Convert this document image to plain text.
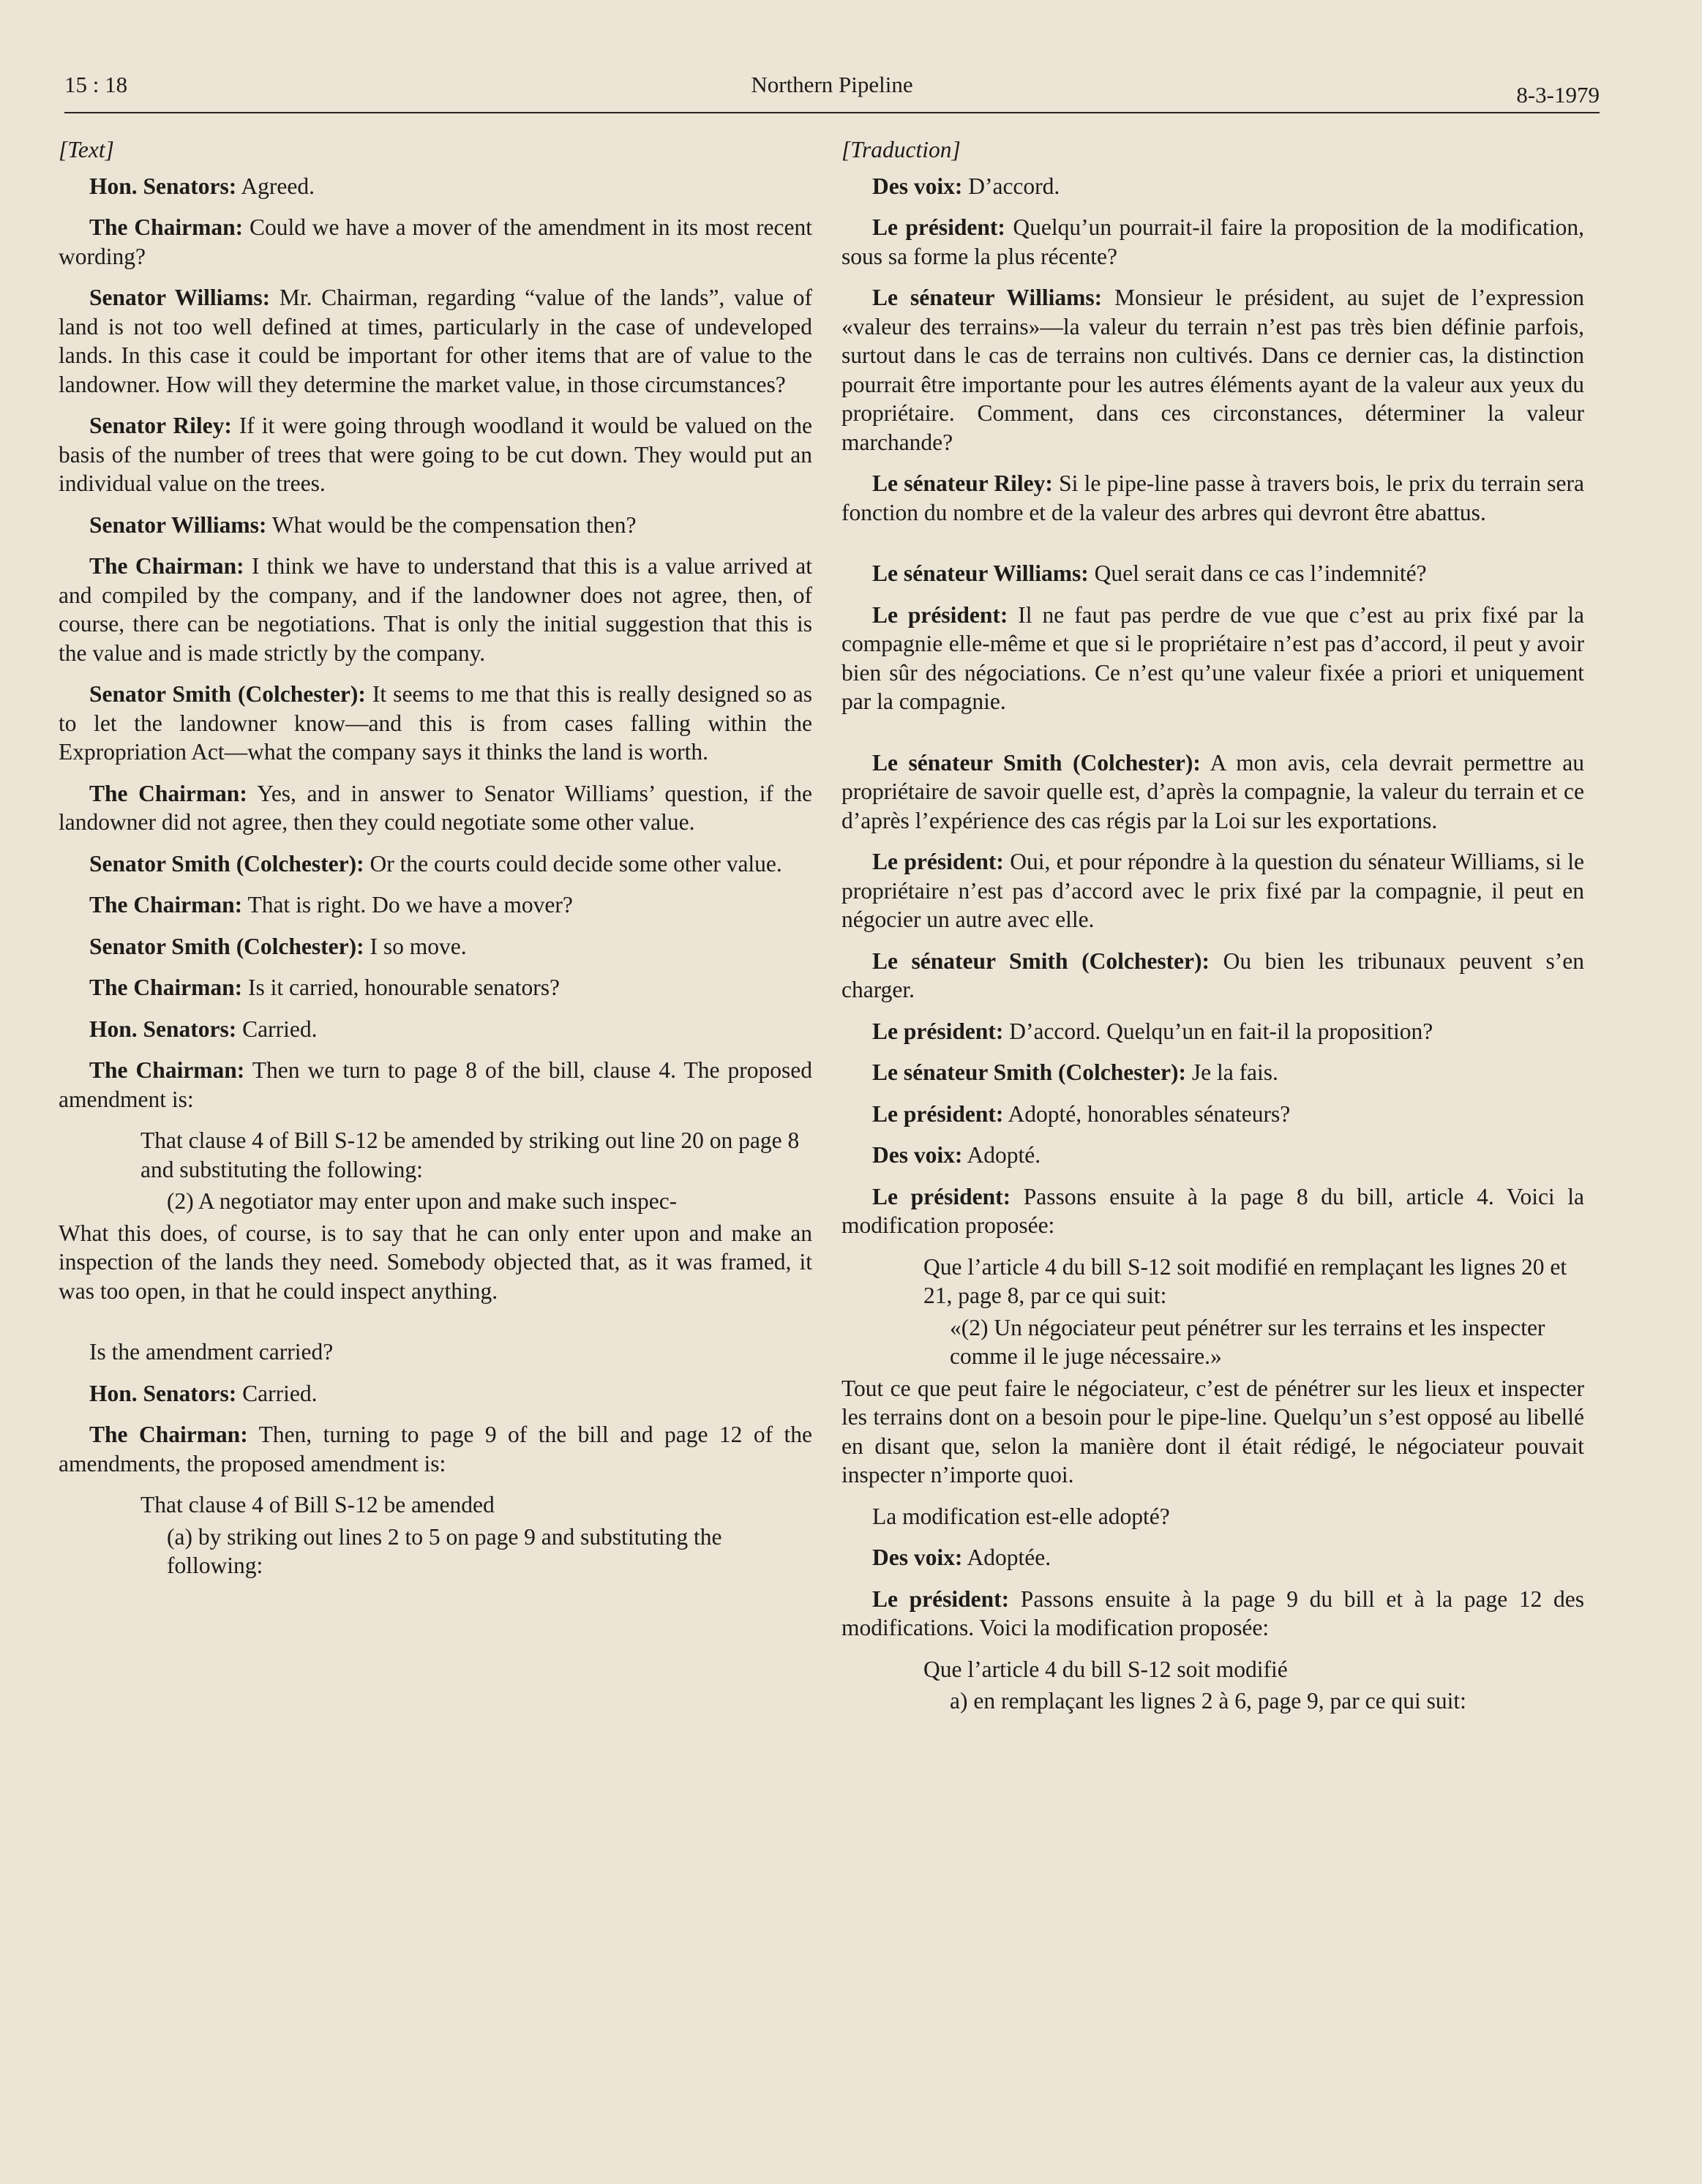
15 : 18	Northern Pipeline	8-3-1979

[Text]

Hon. Senators: Agreed.

The Chairman: Could we have a mover of the amendment in its most recent wording?

Senator Williams: Mr. Chairman, regarding “value of the lands”, value of land is not too well defined at times, particularly in the case of undeveloped lands. In this case it could be important for other items that are of value to the landowner. How will they determine the market value, in those circumstances?

Senator Riley: If it were going through woodland it would be valued on the basis of the number of trees that were going to be cut down. They would put an individual value on the trees.

Senator Williams: What would be the compensation then?

The Chairman: I think we have to understand that this is a value arrived at and compiled by the company, and if the landowner does not agree, then, of course, there can be negotiations. That is only the initial suggestion that this is the value and is made strictly by the company.

Senator Smith (Colchester): It seems to me that this is really designed so as to let the landowner know—and this is from cases falling within the Expropriation Act—what the company says it thinks the land is worth.

The Chairman: Yes, and in answer to Senator Williams’ question, if the landowner did not agree, then they could negotiate some other value.

Senator Smith (Colchester): Or the courts could decide some other value.

The Chairman: That is right. Do we have a mover?

Senator Smith (Colchester): I so move.

The Chairman: Is it carried, honourable senators?

Hon. Senators: Carried.

The Chairman: Then we turn to page 8 of the bill, clause 4. The proposed amendment is:

That clause 4 of Bill S-12 be amended by striking out line 20 on page 8 and substituting the following:

(2) A negotiator may enter upon and make such inspec-

What this does, of course, is to say that he can only enter upon and make an inspection of the lands they need. Somebody objected that, as it was framed, it was too open, in that he could inspect anything.

Is the amendment carried?

Hon. Senators: Carried.

The Chairman: Then, turning to page 9 of the bill and page 12 of the amendments, the proposed amendment is:

That clause 4 of Bill S-12 be amended

(a) by striking out lines 2 to 5 on page 9 and substituting the following:

[Traduction]

Des voix: D’accord.

Le président: Quelqu’un pourrait-il faire la proposition de la modification, sous sa forme la plus récente?

Le sénateur Williams: Monsieur le président, au sujet de l’expression «valeur des terrains»—la valeur du terrain n’est pas très bien définie parfois, surtout dans le cas de terrains non cultivés. Dans ce dernier cas, la distinction pourrait être importante pour les autres éléments ayant de la valeur aux yeux du propriétaire. Comment, dans ces circonstances, déterminer la valeur marchande?

Le sénateur Riley: Si le pipe-line passe à travers bois, le prix du terrain sera fonction du nombre et de la valeur des arbres qui devront être abattus.

Le sénateur Williams: Quel serait dans ce cas l’indemnité?

Le président: Il ne faut pas perdre de vue que c’est au prix fixé par la compagnie elle-même et que si le propriétaire n’est pas d’accord, il peut y avoir bien sûr des négociations. Ce n’est qu’une valeur fixée a priori et uniquement par la compagnie.

Le sénateur Smith (Colchester): A mon avis, cela devrait permettre au propriétaire de savoir quelle est, d’après la compagnie, la valeur du terrain et ce d’après l’expérience des cas régis par la Loi sur les exportations.

Le président: Oui, et pour répondre à la question du sénateur Williams, si le propriétaire n’est pas d’accord avec le prix fixé par la compagnie, il peut en négocier un autre avec elle.

Le sénateur Smith (Colchester): Ou bien les tribunaux peuvent s’en charger.

Le président: D’accord. Quelqu’un en fait-il la proposition?

Le sénateur Smith (Colchester): Je la fais.

Le président: Adopté, honorables sénateurs?

Des voix: Adopté.

Le président: Passons ensuite à la page 8 du bill, article 4. Voici la modification proposée:

Que l’article 4 du bill S-12 soit modifié en remplaçant les lignes 20 et 21, page 8, par ce qui suit:

«(2) Un négociateur peut pénétrer sur les terrains et les inspecter comme il le juge nécessaire.»

Tout ce que peut faire le négociateur, c’est de pénétrer sur les lieux et inspecter les terrains dont on a besoin pour le pipe-line. Quelqu’un s’est opposé au libellé en disant que, selon la manière dont il était rédigé, le négociateur pouvait inspecter n’importe quoi.

La modification est-elle adopté?

Des voix: Adoptée.

Le président: Passons ensuite à la page 9 du bill et à la page 12 des modifications. Voici la modification proposée:

Que l’article 4 du bill S-12 soit modifié

a) en remplaçant les lignes 2 à 6, page 9, par ce qui suit:
